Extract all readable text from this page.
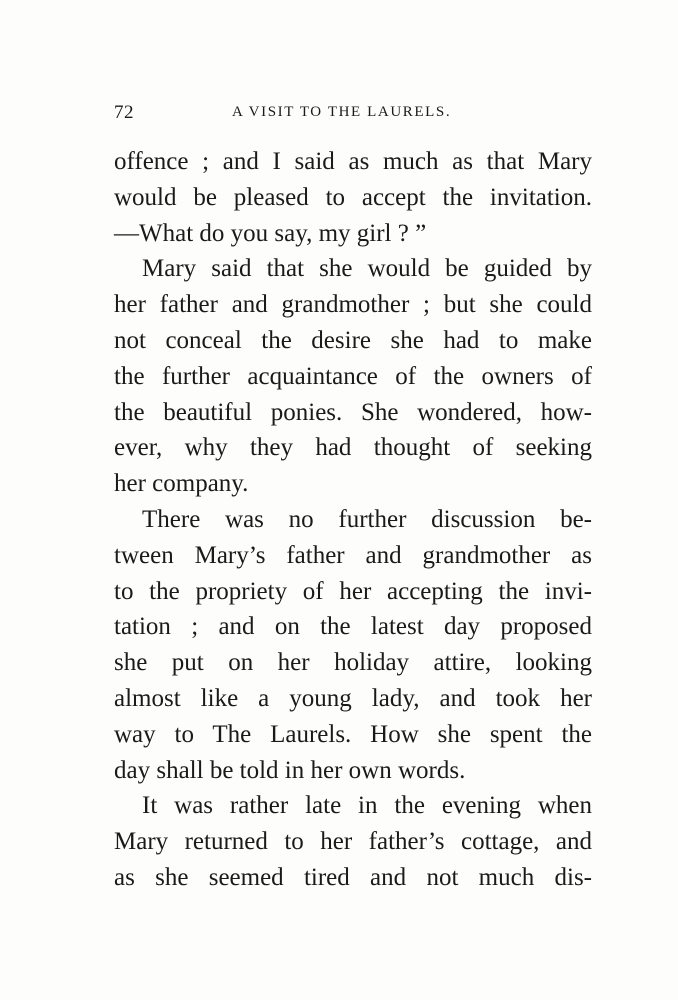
72	A VISIT TO THE LAURELS.
offence ; and I said as much as that Mary
would be pleased to accept the invitation.
—What do you say, my girl ? ”
Mary said that she would be guided by
her father and grandmother ; but she could
not conceal the desire she had to make
the further acquaintance of the owners of
the beautiful ponies. She wondered, how-
ever, why they had thought of seeking
her company.
There was no further discussion be-
tween Mary’s father and grandmother as
to the propriety of her accepting the invi-
tation ; and on the latest day proposed
she put on her holiday attire, looking
almost like a young lady, and took her
way to The Laurels. How she spent the
day shall be told in her own words.
It was rather late in the evening when
Mary returned to her father’s cottage, and
as she seemed tired and not much dis-
